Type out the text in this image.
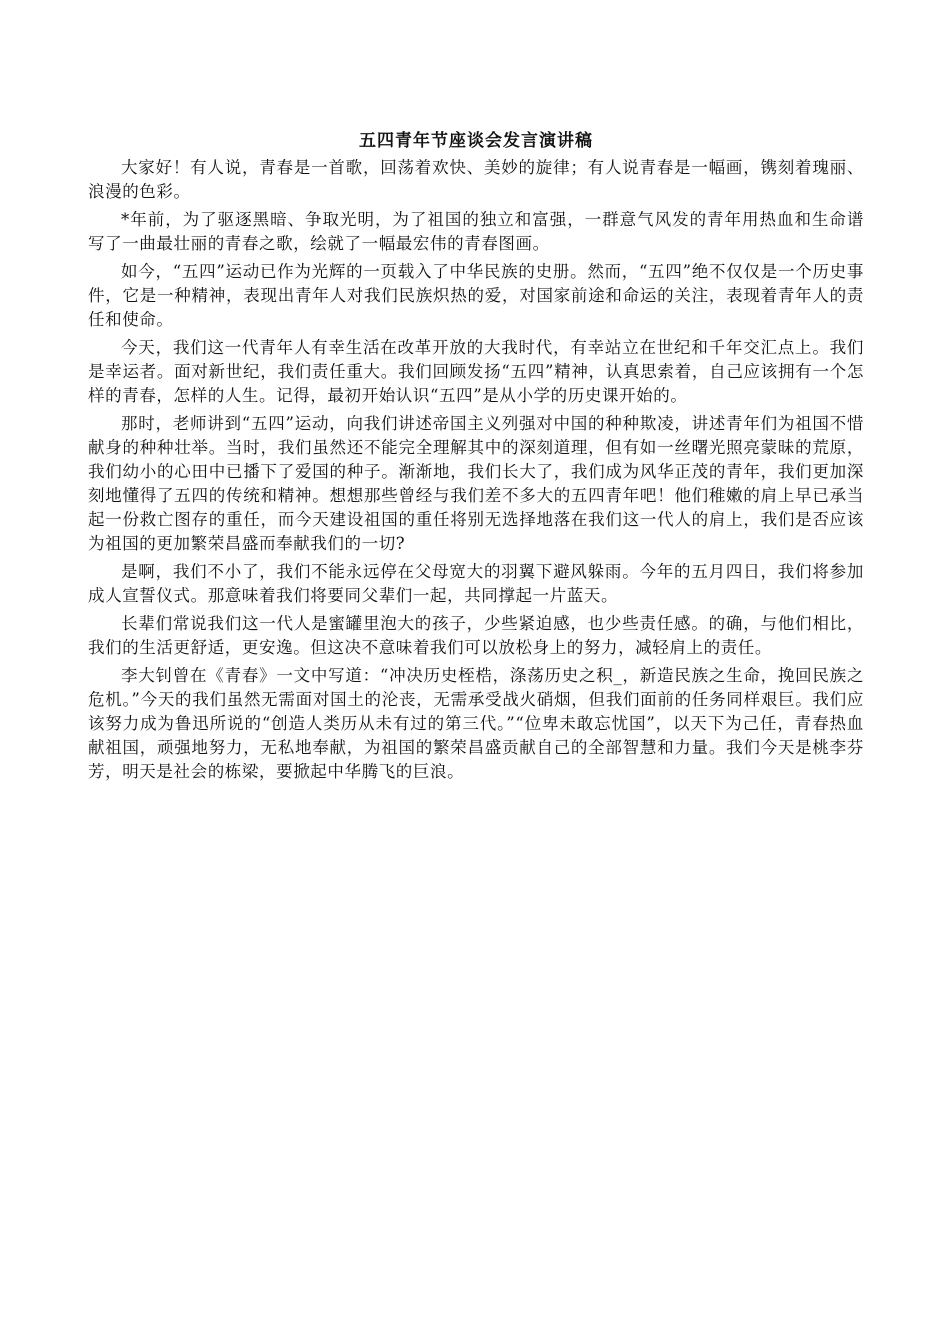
五四青年节座谈会发言演讲稿

大家好！有人说，青春是一首歌，回荡着欢快、美妙的旋律；有人说青春是一幅画，镌刻着瑰丽、浪漫的色彩。

*年前，为了驱逐黑暗、争取光明，为了祖国的独立和富强，一群意气风发的青年用热血和生命谱写了一曲最壮丽的青春之歌，绘就了一幅最宏伟的青春图画。

如今，“五四”运动已作为光辉的一页载入了中华民族的史册。然而，“五四”绝不仅仅是一个历史事件，它是一种精神，表现出青年人对我们民族炽热的爱，对国家前途和命运的关注，表现着青年人的责任和使命。

今天，我们这一代青年人有幸生活在改革开放的大我时代，有幸站立在世纪和千年交汇点上。我们是幸运者。面对新世纪，我们责任重大。我们回顾发扬“五四”精神，认真思索着，自己应该拥有一个怎样的青春，怎样的人生。记得，最初开始认识“五四”是从小学的历史课开始的。

那时，老师讲到“五四”运动，向我们讲述帝国主义列强对中国的种种欺凌，讲述青年们为祖国不惜献身的种种壮举。当时，我们虽然还不能完全理解其中的深刻道理，但有如一丝曙光照亮蒙昧的荒原，我们幼小的心田中已播下了爱国的种子。渐渐地，我们长大了，我们成为风华正茂的青年，我们更加深刻地懂得了五四的传统和精神。想想那些曾经与我们差不多大的五四青年吧！他们稚嫩的肩上早已承当起一份救亡图存的重任，而今天建设祖国的重任将别无选择地落在我们这一代人的肩上，我们是否应该为祖国的更加繁荣昌盛而奉献我们的一切?

是啊，我们不小了，我们不能永远停在父母宽大的羽翼下避风躲雨。今年的五月四日，我们将参加成人宣誓仪式。那意味着我们将要同父辈们一起，共同撑起一片蓝天。

长辈们常说我们这一代人是蜜罐里泡大的孩子，少些紧迫感，也少些责任感。的确，与他们相比，我们的生活更舒适，更安逸。但这决不意味着我们可以放松身上的努力，减轻肩上的责任。

李大钊曾在《青春》一文中写道：“冲决历史桎梏，涤荡历史之积_，新造民族之生命，挽回民族之危机。”今天的我们虽然无需面对国土的沦丧，无需承受战火硝烟，但我们面前的任务同样艰巨。我们应该努力成为鲁迅所说的“创造人类历从未有过的第三代。”“位卑未敢忘忧国”，以天下为己任，青春热血献祖国，顽强地努力，无私地奉献，为祖国的繁荣昌盛贡献自己的全部智慧和力量。我们今天是桃李芬芳，明天是社会的栋梁，要掀起中华腾飞的巨浪。
